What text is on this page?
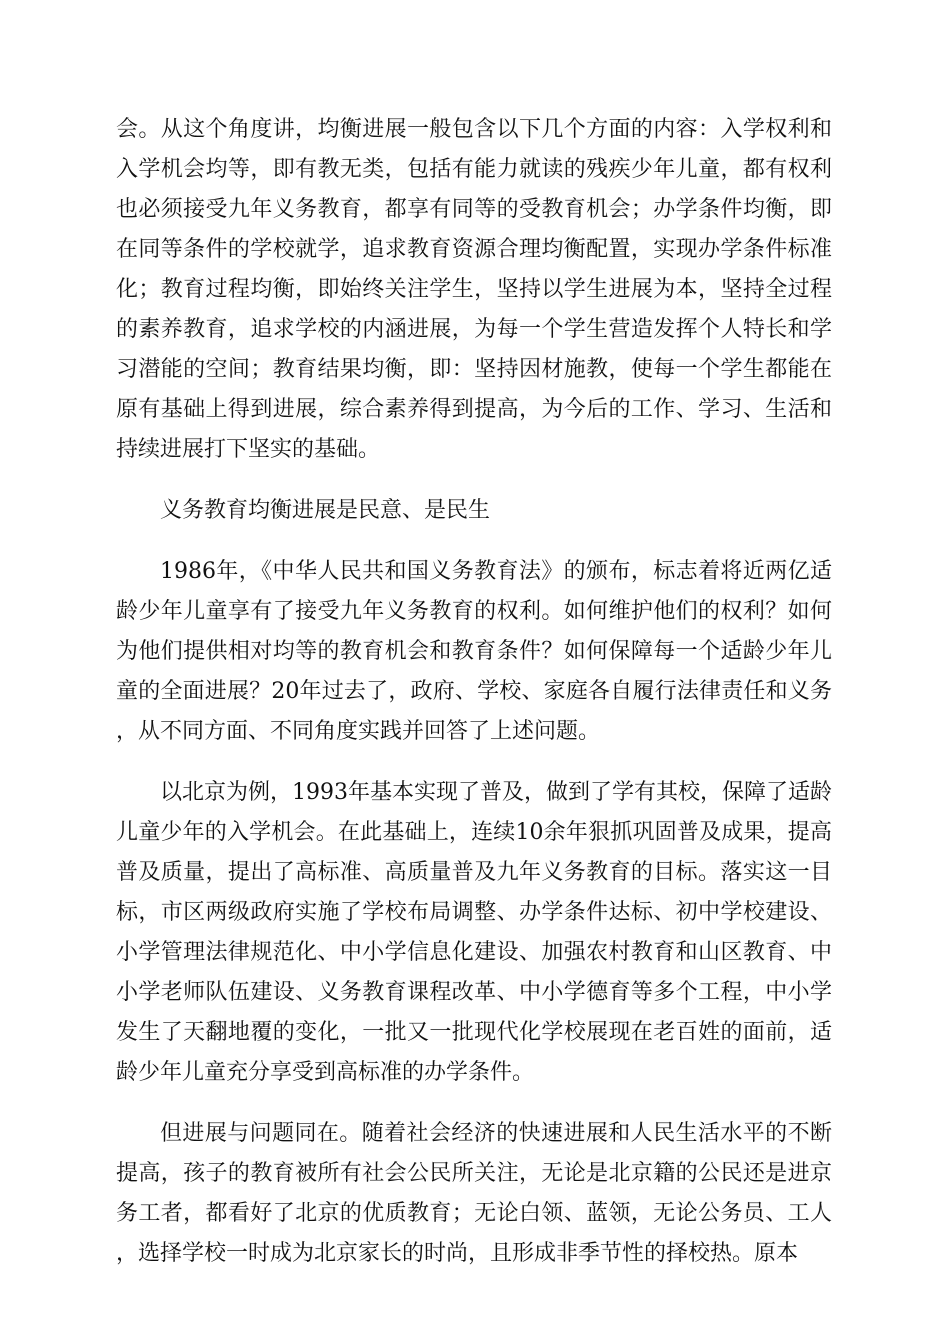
会。从这个角度讲，均衡进展一般包含以下几个方面的内容：入学权利和入学机会均等，即有教无类，包括有能力就读的残疾少年儿童，都有权利也必须接受九年义务教育，都享有同等的受教育机会；办学条件均衡，即在同等条件的学校就学，追求教育资源合理均衡配置，实现办学条件标准化；教育过程均衡，即始终关注学生，坚持以学生进展为本，坚持全过程的素养教育，追求学校的内涵进展，为每一个学生营造发挥个人特长和学习潜能的空间；教育结果均衡，即：坚持因材施教，使每一个学生都能在原有基础上得到进展，综合素养得到提高，为今后的工作、学习、生活和持续进展打下坚实的基础。

义务教育均衡进展是民意、是民生

1986年，《中华人民共和国义务教育法》的颁布，标志着将近两亿适龄少年儿童享有了接受九年义务教育的权利。如何维护他们的权利？如何为他们提供相对均等的教育机会和教育条件？如何保障每一个适龄少年儿童的全面进展？20年过去了，政府、学校、家庭各自履行法律责任和义务，从不同方面、不同角度实践并回答了上述问题。

以北京为例，1993年基本实现了普及，做到了学有其校，保障了适龄儿童少年的入学机会。在此基础上，连续10余年狠抓巩固普及成果，提高普及质量，提出了高标准、高质量普及九年义务教育的目标。落实这一目标，市区两级政府实施了学校布局调整、办学条件达标、初中学校建设、小学管理法律规范化、中小学信息化建设、加强农村教育和山区教育、中小学老师队伍建设、义务教育课程改革、中小学德育等多个工程，中小学发生了天翻地覆的变化，一批又一批现代化学校展现在老百姓的面前，适龄少年儿童充分享受到高标准的办学条件。

但进展与问题同在。随着社会经济的快速进展和人民生活水平的不断提高，孩子的教育被所有社会公民所关注，无论是北京籍的公民还是进京务工者，都看好了北京的优质教育；无论白领、蓝领，无论公务员、工人，选择学校一时成为北京家长的时尚，且形成非季节性的择校热。原本
